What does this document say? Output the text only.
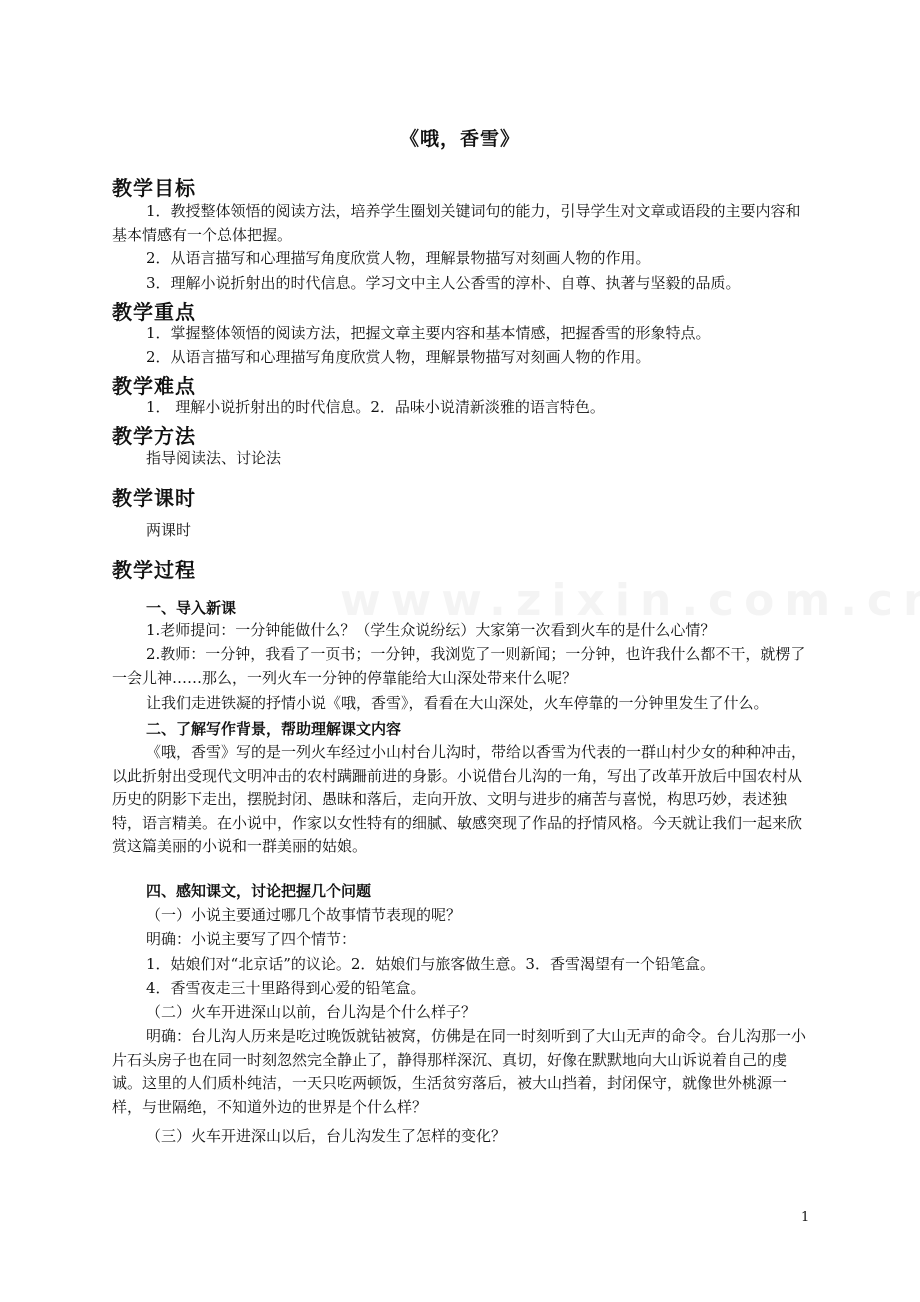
《哦，香雪》
教学目标

1．教授整体领悟的阅读方法，培养学生圈划关键词句的能力，引导学生对文章或语段的主要内容和基本情感有一个总体把握。

2．从语言描写和心理描写角度欣赏人物，理解景物描写对刻画人物的作用。

3．理解小说折射出的时代信息。学习文中主人公香雪的淳朴、自尊、执著与坚毅的品质。

教学重点

1．掌握整体领悟的阅读方法，把握文章主要内容和基本情感，把握香雪的形象特点。

2．从语言描写和心理描写角度欣赏人物，理解景物描写对刻画人物的作用。

教学难点

1． 理解小说折射出的时代信息。2．品味小说清新淡雅的语言特色。

教学方法

指导阅读法、讨论法

教学课时

两课时

教学过程
一、导入新课

1.老师提问：一分钟能做什么？（学生众说纷纭）大家第一次看到火车的是什么心情？

2.教师：一分钟，我看了一页书；一分钟，我浏览了一则新闻；一分钟，也许我什么都不干，就楞了一会儿神……那么，一列火车一分钟的停靠能给大山深处带来什么呢？

让我们走进铁凝的抒情小说《哦，香雪》，看看在大山深处，火车停靠的一分钟里发生了什么。

二、了解写作背景，帮助理解课文内容

《哦，香雪》写的是一列火车经过小山村台儿沟时，带给以香雪为代表的一群山村少女的种种冲击，以此折射出受现代文明冲击的农村蹒跚前进的身影。小说借台儿沟的一角，写出了改革开放后中国农村从历史的阴影下走出，摆脱封闭、愚昧和落后，走向开放、文明与进步的痛苦与喜悦，构思巧妙，表述独特，语言精美。在小说中，作家以女性特有的细腻、敏感突现了作品的抒情风格。今天就让我们一起来欣赏这篇美丽的小说和一群美丽的姑娘。

四、感知课文，讨论把握几个问题

（一）小说主要通过哪几个故事情节表现的呢？

明确：小说主要写了四个情节：

1．姑娘们对“北京话”的议论。2．姑娘们与旅客做生意。3．香雪渴望有一个铅笔盒。

4．香雪夜走三十里路得到心爱的铅笔盒。

（二）火车开进深山以前，台儿沟是个什么样子？

明确：台儿沟人历来是吃过晚饭就钻被窝，仿佛是在同一时刻听到了大山无声的命令。台儿沟那一小片石头房子也在同一时刻忽然完全静止了，静得那样深沉、真切，好像在默默地向大山诉说着自己的虔诚。这里的人们质朴纯洁，一天只吃两顿饭，生活贫穷落后，被大山挡着，封闭保守，就像世外桃源一样，与世隔绝，不知道外边的世界是个什么样？

（三）火车开进深山以后，台儿沟发生了怎样的变化？

1
